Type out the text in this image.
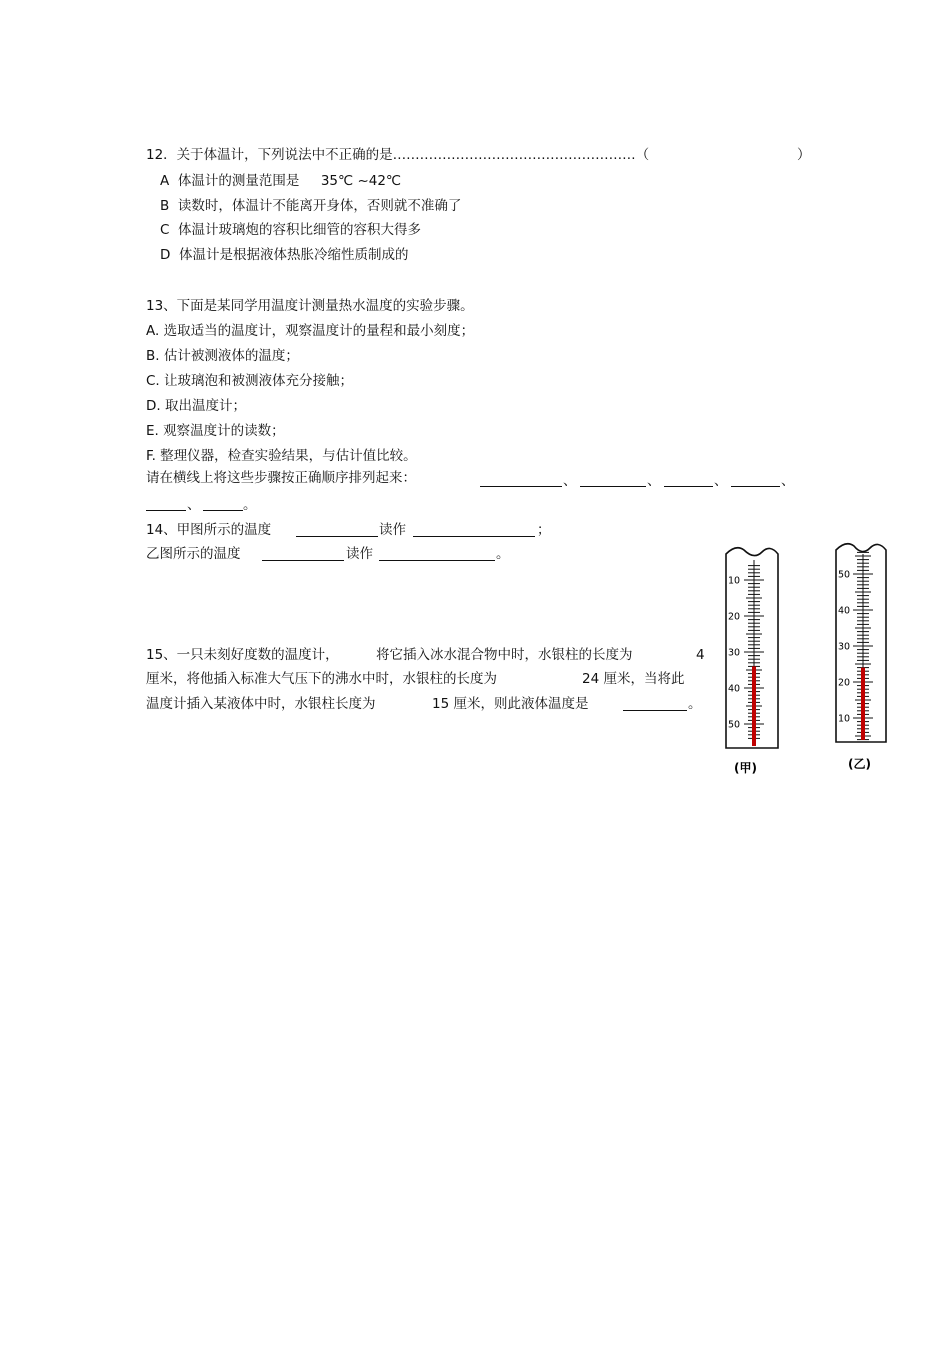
12．关于体温计，下列说法中不正确的是………………………………………………（	）
A 体温计的测量范围是 35℃ ~42℃
B 读数时，体温计不能离开身体，否则就不准确了
C 体温计玻璃炮的容积比细管的容积大得多
D 体温计是根据液体热胀冷缩性质制成的
13、下面是某同学用温度计测量热水温度的实验步骤。
A. 选取适当的温度计，观察温度计的量程和最小刻度；
B. 估计被测液体的温度；
C. 让玻璃泡和被测液体充分接触；
D. 取出温度计；
E. 观察温度计的读数；
F. 整理仪器，检查实验结果，与估计值比较。
请在横线上将这些步骤按正确顺序排列起来：	、	、	、	、
、	。
14、甲图所示的温度	读作	；
乙图所示的温度	读作	。
15、一只未刻好度数的温度计，	将它插入冰水混合物中时，水银柱的长度为	4
厘米，将他插入标准大气压下的沸水中时，水银柱的长度为	24 厘米，当将此
温度计插入某液体中时，水银柱长度为	15 厘米，则此液体温度是	。
10
20
30
40
50
(甲)
50
40
30
20
10
(乙)
